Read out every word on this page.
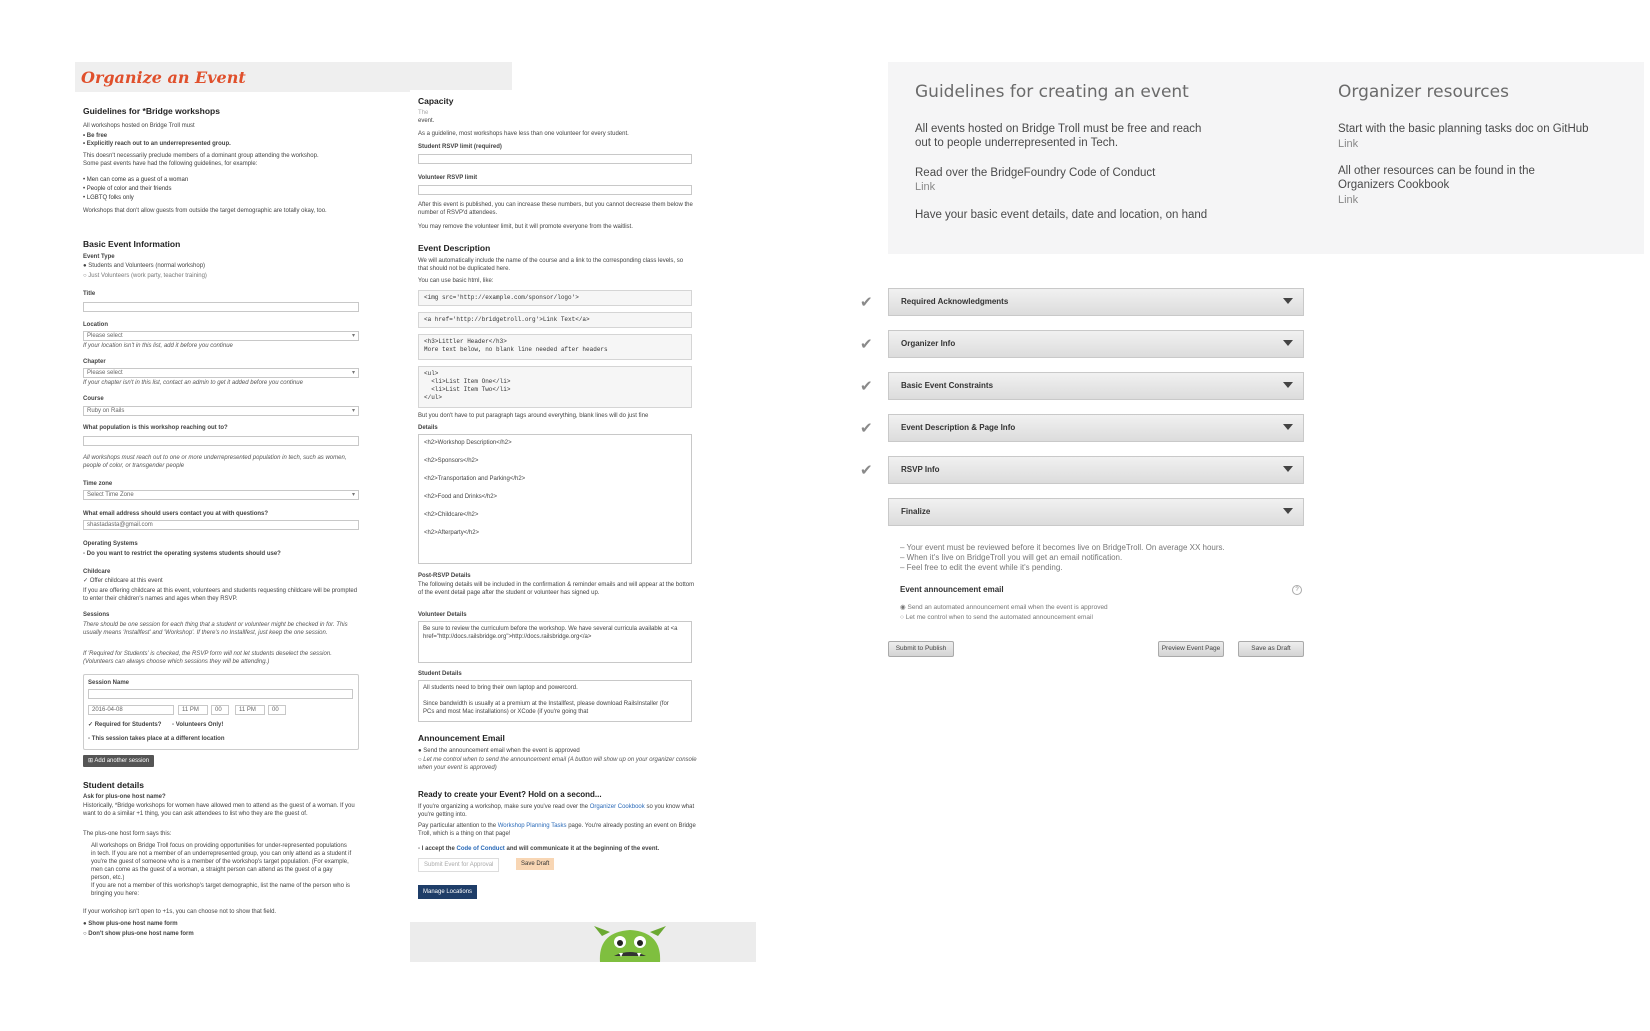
Organize an Event
Guidelines for *Bridge workshops
All workshops hosted on Bridge Troll must
• Be free
• Explicitly reach out to an underrepresented group.
This doesn't necessarily preclude members of a dominant group attending the workshop. Some past events have had the following guidelines, for example:
• Men can come as a guest of a woman
• People of color and their friends
• LGBTQ folks only
Workshops that don't allow guests from outside the target demographic are totally okay, too.
Basic Event Information
Event Type
● Students and Volunteers (normal workshop)
○ Just Volunteers (work party, teacher training)
Title
Location
Please select ▾
If your location isn't in this list, add it before you continue
Chapter
Please select ▾
If your chapter isn't in this list, contact an admin to get it added before you continue
Course
Ruby on Rails ▾
What population is this workshop reaching out to?
All workshops must reach out to one or more underrepresented population in tech, such as women, people of color, or transgender people
Time zone
Select Time Zone ▾
What email address should users contact you at with questions?
shastadasta@gmail.com
Operating Systems
▫ Do you want to restrict the operating systems students should use?
Childcare
✓ Offer childcare at this event
If you are offering childcare at this event, volunteers and students requesting childcare will be prompted to enter their children's names and ages when they RSVP.
Sessions
There should be one session for each thing that a student or volunteer might be checked in for. This usually means 'Installfest' and 'Workshop'. If there's no Installfest, just keep the one session.
If 'Required for Students' is checked, the RSVP form will not let students deselect the session. (Volunteers can always choose which sessions they will be attending.)
Session Name
2016-04-08	11 PM	00	11 PM	00
✓ Required for Students? ▫ Volunteers Only!
▫ This session takes place at a different location
⊞ Add another session
Student details
Ask for plus-one host name?
Historically, *Bridge workshops for women have allowed men to attend as the guest of a woman. If you want to do a similar +1 thing, you can ask attendees to list who they are the guest of.
The plus-one host form says this:
All workshops on Bridge Troll focus on providing opportunities for under-represented populations in tech. If you are not a member of an underrepresented group, you can only attend as a student if you're the guest of someone who is a member of the workshop's target population. (For example, men can come as the guest of a woman, a straight person can attend as the guest of a gay person, etc.)
If you are not a member of this workshop's target demographic, list the name of the person who is bringing you here:
If your workshop isn't open to +1s, you can choose not to show that field.
● Show plus-one host name form
○ Don't show plus-one host name form
Capacity
The
event.
As a guideline, most workshops have less than one volunteer for every student.
Student RSVP limit (required)
Volunteer RSVP limit
After this event is published, you can increase these numbers, but you cannot decrease them below the number of RSVP'd attendees.
You may remove the volunteer limit, but it will promote everyone from the waitlist.
Event Description
We will automatically include the name of the course and a link to the corresponding class levels, so that should not be duplicated here.
You can use basic html, like:
<img src='http://example.com/sponsor/logo'>
<a href='http://bridgetroll.org'>Link Text</a>
<h3>Littler Header</h3>
More text below, no blank line needed after headers
<ul>
<li>List Item One</li>
<li>List Item Two</li>
</ul>
But you don't have to put paragraph tags around everything, blank lines will do just fine
Details
<h2>Workshop Description</h2>
<h2>Sponsors</h2>
<h2>Transportation and Parking</h2>
<h2>Food and Drinks</h2>
<h2>Childcare</h2>
<h2>Afterparty</h2>
Post-RSVP Details
The following details will be included in the confirmation & reminder emails and will appear at the bottom of the event detail page after the student or volunteer has signed up.
Volunteer Details
Be sure to review the curriculum before the workshop. We have several curricula available at <a href="http://docs.railsbridge.org">http://docs.railsbridge.org</a>
Student Details
All students need to bring their own laptop and powercord.

Since bandwidth is usually at a premium at the Installfest, please download RailsInstaller (for PCs and most Mac installations) or XCode (if you're going that
Announcement Email
● Send the announcement email when the event is approved
○ Let me control when to send the announcement email (A button will show up on your organizer console when your event is approved)
Ready to create your Event? Hold on a second...
If you're organizing a workshop, make sure you've read over the Organizer Cookbook so you know what you're getting into.
Pay particular attention to the Workshop Planning Tasks page. You're already posting an event on Bridge Troll, which is a thing on that page!
▫ I accept the Code of Conduct and will communicate it at the beginning of the event.
Submit Event for Approval	Save Draft
Manage Locations
Guidelines for creating an event
All events hosted on Bridge Troll must be free and reach out to people underrepresented in Tech.
Read over the BridgeFoundry Code of Conduct
Link
Have your basic event details, date and location, on hand
Organizer resources
Start with the basic planning tasks doc on GitHub
Link
All other resources can be found in the Organizers Cookbook
Link
✔	Required Acknowledgments
✔	Organizer Info
✔	Basic Event Constraints
✔	Event Description & Page Info
✔	RSVP Info
Finalize
– Your event must be reviewed before it becomes live on BridgeTroll. On average XX hours.
– When it's live on BridgeTroll you will get an email notification.
– Feel free to edit the event while it's pending.
Event announcement email	?
◉ Send an automated announcement email when the event is approved
○ Let me control when to send the automated announcement email
Submit to Publish	Preview Event Page	Save as Draft
